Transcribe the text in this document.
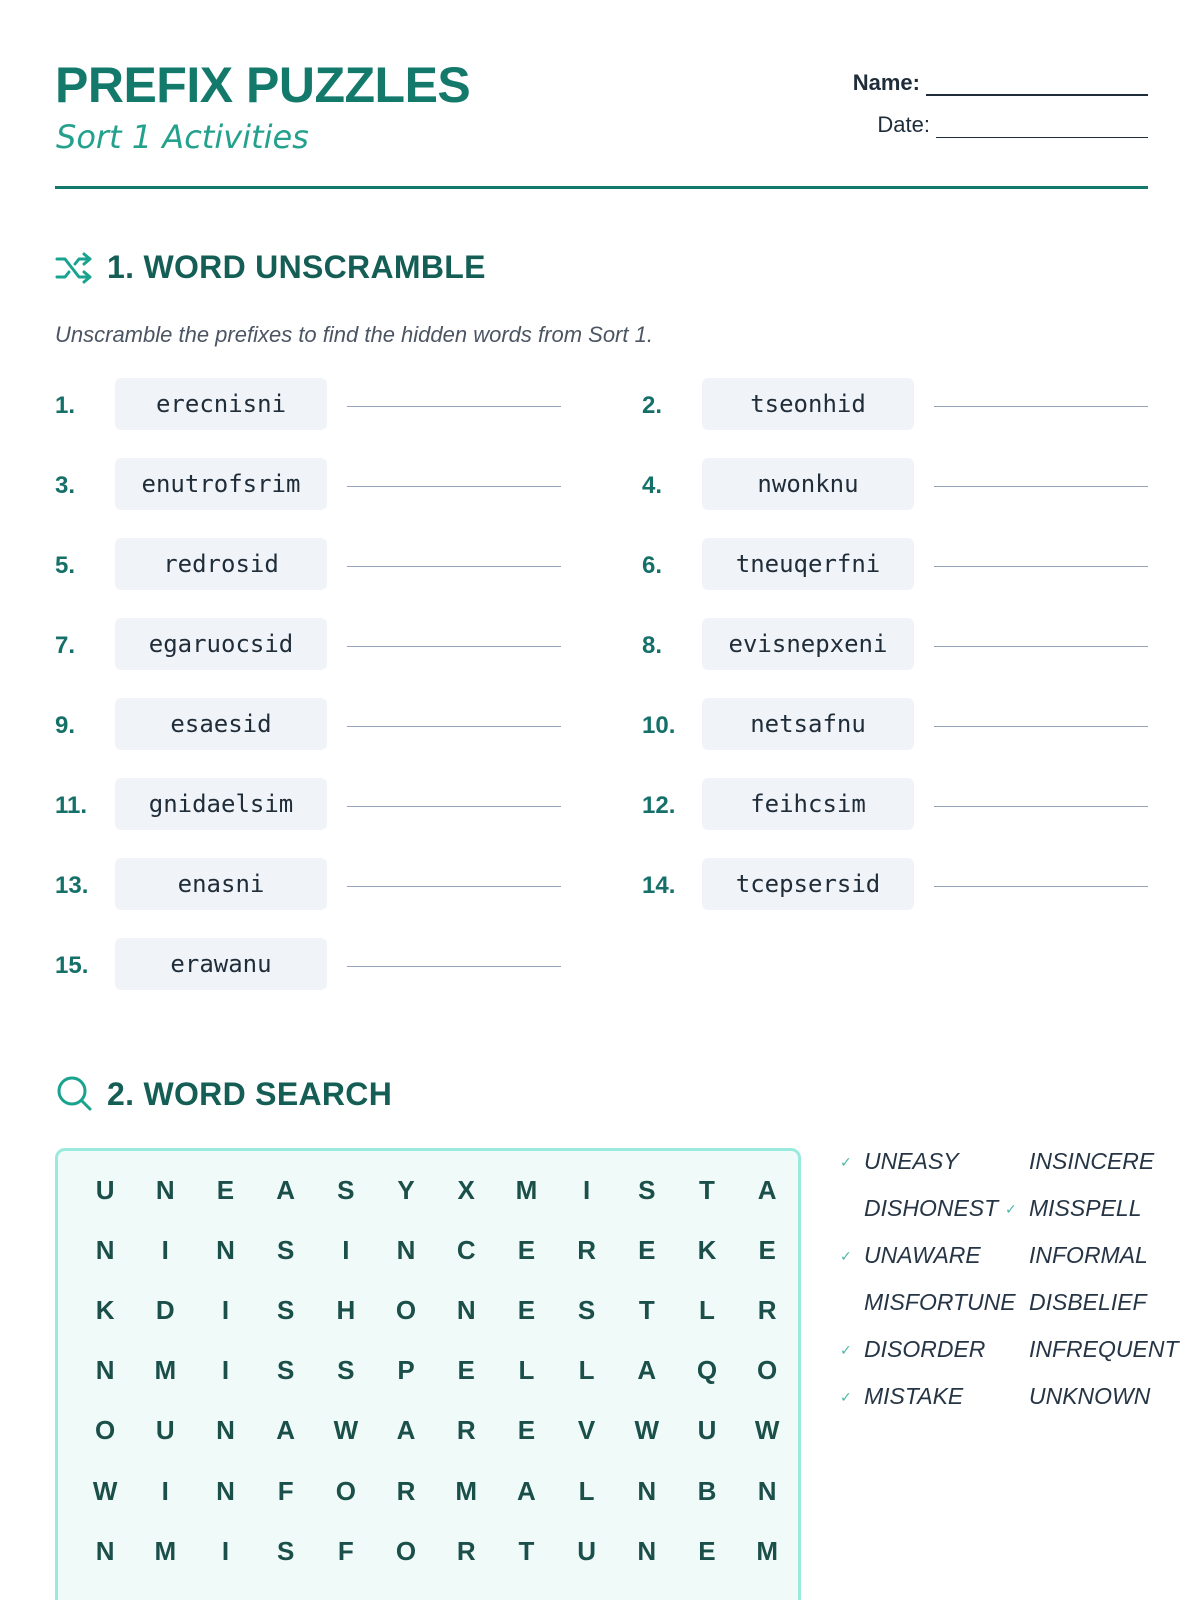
PREFIX PUZZLES
Sort 1 Activities
Name:
Date:
1. WORD UNSCRAMBLE
Unscramble the prefixes to find the hidden words from Sort 1.
1.	erecnisni	2.	tseonhid
3.	enutrofsrim	4.	nwonknu
5.	redrosid	6.	tneuqerfni
7.	egaruocsid	8.	evisnepxeni
9.	esaesid	10.	netsafnu
11.	gnidaelsim	12.	feihcsim
13.	enasni	14.	tcepsersid
15.	erawanu
2. WORD SEARCH
U	N	E	A	S	Y	X	M	I	S	T	A
N	I	N	S	I	N	C	E	R	E	K	E
K	D	I	S	H	O	N	E	S	T	L	R
N	M	I	S	S	P	E	L	L	A	Q	O
O	U	N	A	W	A	R	E	V	W	U	W
W	I	N	F	O	R	M	A	L	N	B	N
N	M	I	S	F	O	R	T	U	N	E	M
✓ UNEASY	INSINCERE
DISHONEST ✓ MISSPELL
✓ UNAWARE INFORMAL
MISFORTUNE DISBELIEF
✓ DISORDER INFREQUENT
✓ MISTAKE	UNKNOWN
